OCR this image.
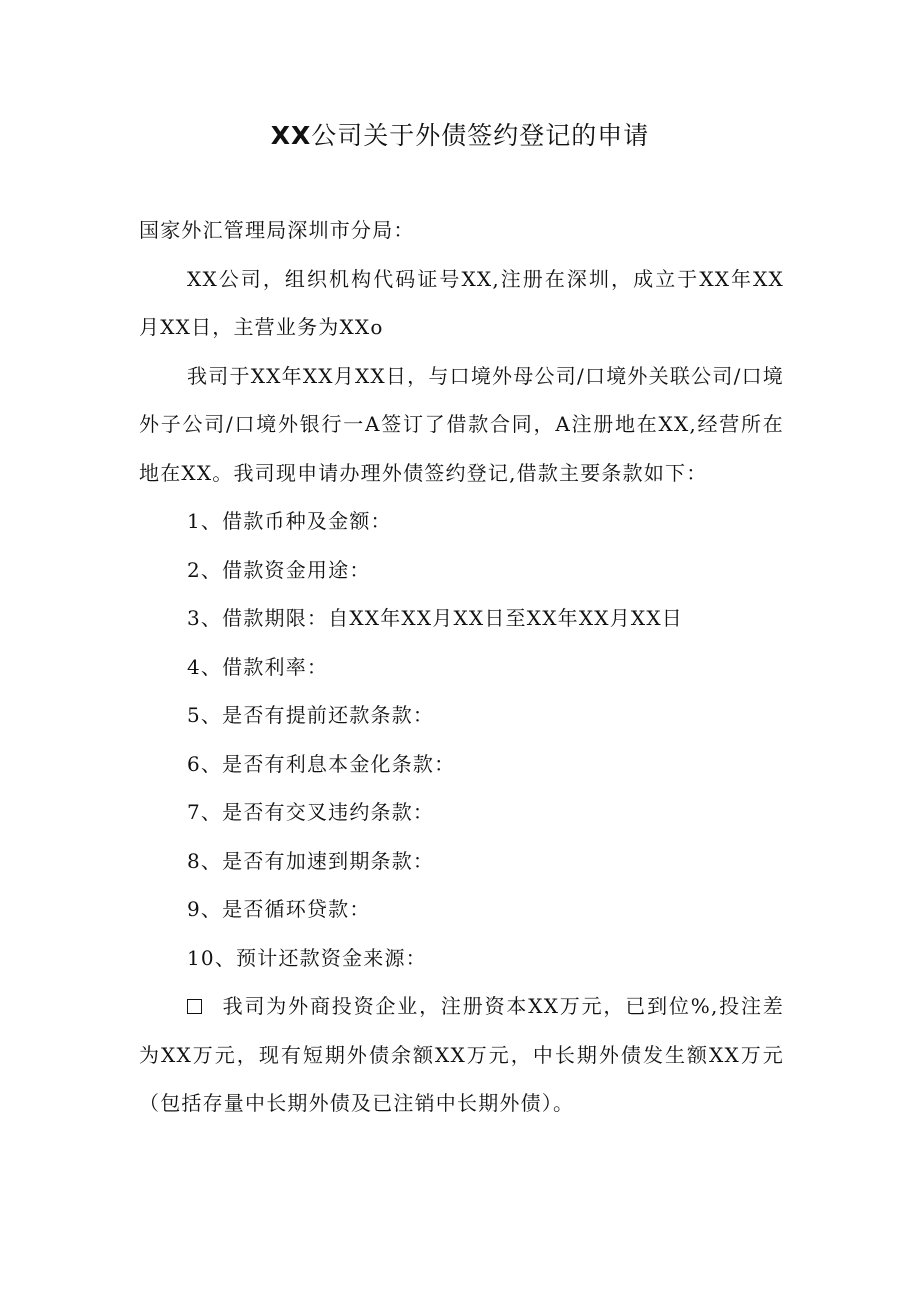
XX公司关于外债签约登记的申请

国家外汇管理局深圳市分局：

XX公司，组织机构代码证号XX,注册在深圳，成立于XX年XX月XX日，主营业务为XXo

我司于XX年XX月XX日，与口境外母公司/口境外关联公司/口境外子公司/口境外银行一A签订了借款合同，A注册地在XX,经营所在地在XX。我司现申请办理外债签约登记,借款主要条款如下：

1、借款币种及金额：

2、借款资金用途：

3、借款期限：自XX年XX月XX日至XX年XX月XX日

4、借款利率：

5、是否有提前还款条款：

6、是否有利息本金化条款：

7、是否有交叉违约条款：

8、是否有加速到期条款：

9、是否循环贷款：

10、预计还款资金来源：

我司为外商投资企业，注册资本XX万元，已到位%,投注差为XX万元，现有短期外债余额XX万元，中长期外债发生额XX万元（包括存量中长期外债及已注销中长期外债）。
